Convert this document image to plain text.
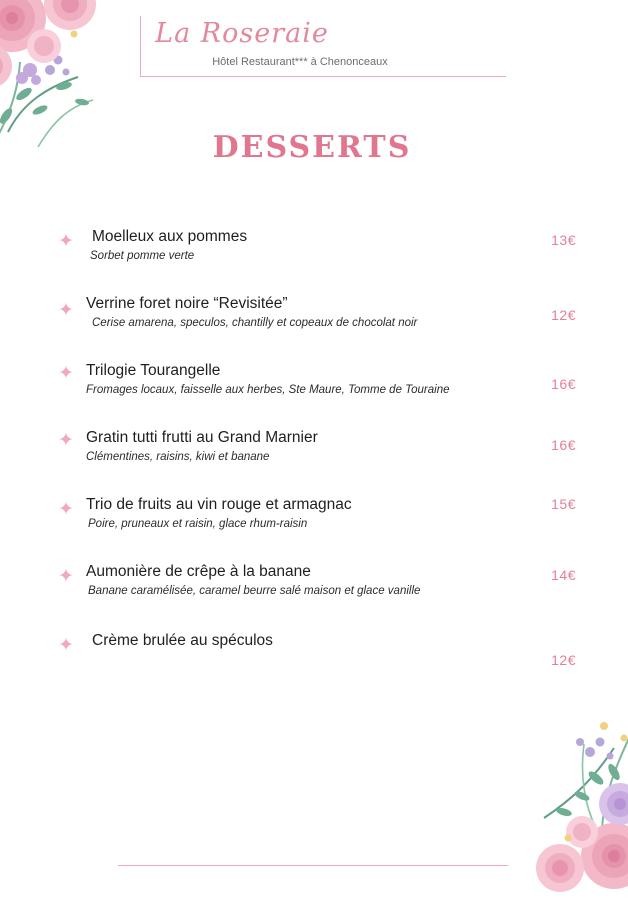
La Roseraie
Hôtel Restaurant*** à Chenonceaux
DESSERTS
✦ Moelleux aux pommes
Sorbet pomme verte
13€
✦ Verrine foret noire “Revisitée”
Cerise amarena, speculos, chantilly et copeaux de chocolat noir	12€
✦ Trilogie Tourangelle
Fromages locaux, faisselle aux herbes, Ste Maure, Tomme de Touraine	16€
✦ Gratin tutti frutti au Grand Marnier
Clémentines, raisins, kiwi et banane
16€
✦ Trio de fruits au vin rouge et armagnac
Poire, pruneaux et raisin, glace rhum-raisin
15€
✦ Aumonière de crêpe à la banane
Banane caramélisée, caramel beurre salé maison et glace vanille
14€
✦ Crème brulée au spéculos
12€
